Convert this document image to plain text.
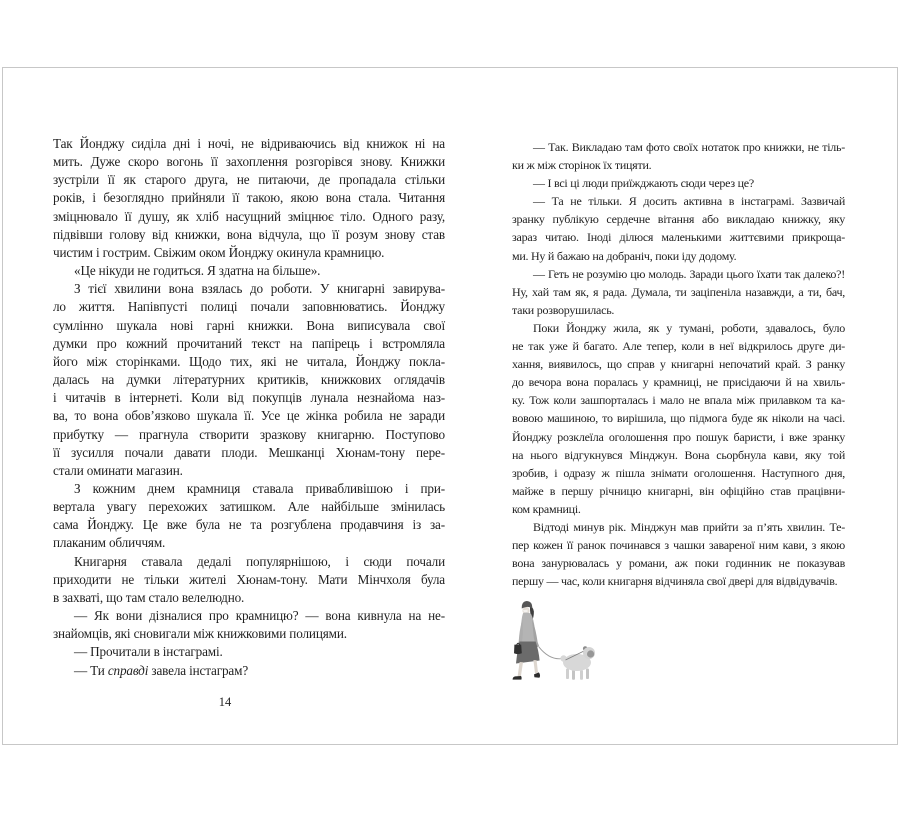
Так Йонджу сиділа дні і ночі, не відриваючись від книжок ні на
мить. Дуже скоро вогонь її захоплення розгорівся знову. Книжки
зустріли її як старого друга, не питаючи, де пропадала стільки
років, і безоглядно прийняли її такою, якою вона стала. Читання
зміцнювало її душу, як хліб насущний зміцнює тіло. Одного разу,
підвівши голову від книжки, вона відчула, що її розум знову став
чистим і гострим. Свіжим оком Йонджу окинула крамницю.
«Це нікуди не годиться. Я здатна на більше».
З тієї хвилини вона взялась до роботи. У книгарні завирува-
ло життя. Напівпусті полиці почали заповнюватись. Йонджу
сумлінно шукала нові гарні книжки. Вона виписувала свої
думки про кожний прочитаний текст на папірець і встромляла
його між сторінками. Щодо тих, які не читала, Йонджу покла-
далась на думки літературних критиків, книжкових оглядачів
і читачів в інтернеті. Коли від покупців лунала незнайома наз-
ва, то вона обов’язково шукала її. Усе це жінка робила не заради
прибутку — прагнула створити зразкову книгарню. Поступово
її зусилля почали давати плоди. Мешканці Хюнам-тону пере-
стали оминати магазин.
З кожним днем крамниця ставала привабливішою і при-
вертала увагу перехожих затишком. Але найбільше змінилась
сама Йонджу. Це вже була не та розгублена продавчиня із за-
плаканим обличчям.
Книгарня ставала дедалі популярнішою, і сюди почали
приходити не тільки жителі Хюнам-тону. Мати Мінчхоля була
в захваті, що там стало велелюдно.
— Як вони дізналися про крамницю? — вона кивнула на не-
знайомців, які сновигали між книжковими полицями.
— Прочитали в інстаграмі.
— Ти справді завела інстаграм?
— Так. Викладаю там фото своїх нотаток про книжки, не тіль-
ки ж між сторінок їх тицяти.
— І всі ці люди приїжджають сюди через це?
— Та не тільки. Я досить активна в інстаграмі. Зазвичай
зранку публікую сердечне вітання або викладаю книжку, яку
зараз читаю. Іноді ділюся маленькими життєвими прикроща-
ми. Ну й бажаю на добраніч, поки іду додому.
— Геть не розумію цю молодь. Заради цього їхати так далеко?!
Ну, хай там як, я рада. Думала, ти заціпеніла назавжди, а ти, бач,
таки розворушилась.
Поки Йонджу жила, як у тумані, роботи, здавалось, було
не так уже й багато. Але тепер, коли в неї відкрилось друге ди-
хання, виявилось, що справ у книгарні непочатий край. З ранку
до вечора вона поралась у крамниці, не присідаючи й на хвиль-
ку. Тож коли зашпорталась і мало не впала між прилавком та ка-
вовою машиною, то вирішила, що підмога буде як ніколи на часі.
Йонджу розклеїла оголошення про пошук баристи, і вже зранку
на нього відгукнувся Мінджун. Вона сьорбнула кави, яку той
зробив, і одразу ж пішла знімати оголошення. Наступного дня,
майже в першу річницю книгарні, він офіційно став працівни-
ком крамниці.
Відтоді минув рік. Мінджун мав прийти за п’ять хвилин. Те-
пер кожен її ранок починався з чашки завареної ним кави, з якою
вона занурювалась у романи, аж поки годинник не показував
першу — час, коли книгарня відчиняла свої двері для відвідувачів.
14
